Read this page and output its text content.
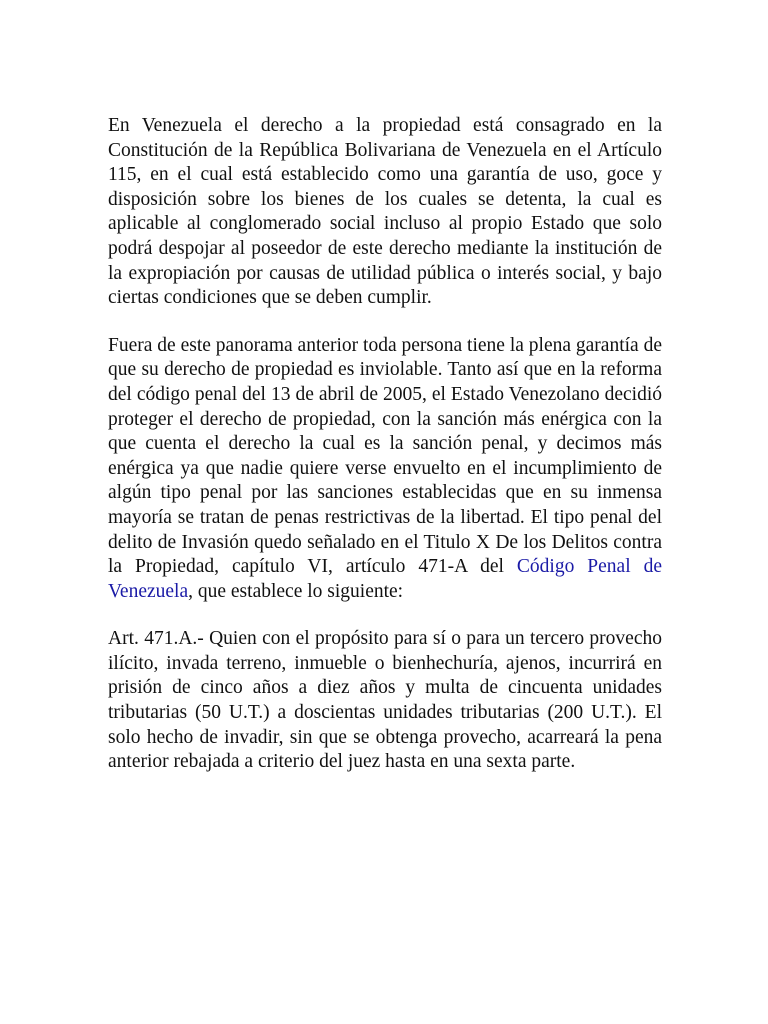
En Venezuela el derecho a la propiedad está consagrado en la Constitución de la República Bolivariana de Venezuela en el Artículo 115, en el cual está establecido como una garantía de uso, goce y disposición sobre los bienes de los cuales se detenta, la cual es aplicable al conglomerado social incluso al propio Estado que solo podrá despojar al poseedor de este derecho mediante la institución de la expropiación por causas de utilidad pública o interés social, y bajo ciertas condiciones que se deben cumplir.

Fuera de este panorama anterior toda persona tiene la plena garantía de que su derecho de propiedad es inviolable. Tanto así que en la reforma del código penal del 13 de abril de 2005, el Estado Venezolano decidió proteger el derecho de propiedad, con la sanción más enérgica con la que cuenta el derecho la cual es la sanción penal, y decimos más enérgica ya que nadie quiere verse envuelto en el incumplimiento de algún tipo penal por las sanciones establecidas que en su inmensa mayoría se tratan de penas restrictivas de la libertad. El tipo penal del delito de Invasión quedo señalado en el Titulo X De los Delitos contra la Propiedad, capítulo VI, artículo 471-A del Código Penal de Venezuela, que establece lo siguiente:

Art. 471.A.- Quien con el propósito para sí o para un tercero provecho ilícito, invada terreno, inmueble o bienhechuría, ajenos, incurrirá en prisión de cinco años a diez años y multa de cincuenta unidades tributarias (50 U.T.) a doscientas unidades tributarias (200 U.T.). El solo hecho de invadir, sin que se obtenga provecho, acarreará la pena anterior rebajada a criterio del juez hasta en una sexta parte.
